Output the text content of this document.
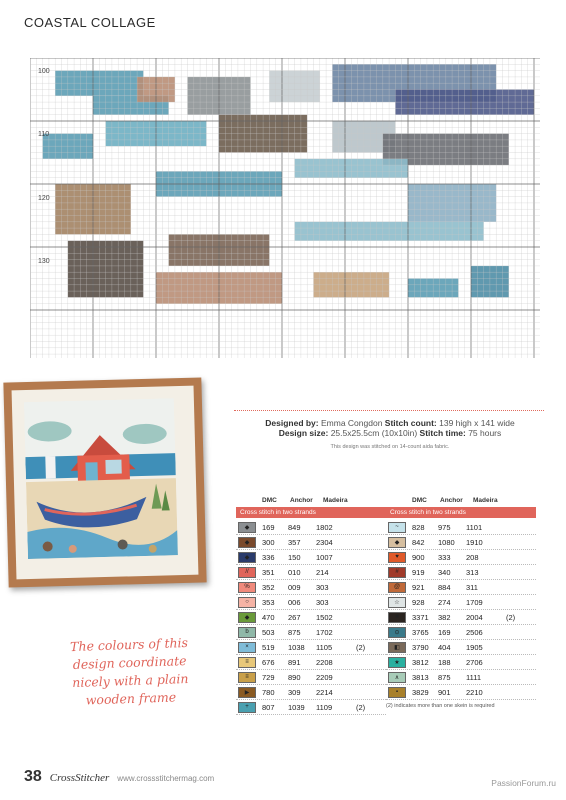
COASTAL COLLAGE
100
110
120
130
Designed by: Emma Congdon Stitch count: 139 high x 141 wide
Design size: 25.5x25.5cm (10x10in) Stitch time: 75 hours
This design was stitched on 14-count aida fabric.
DMC	Anchor	Madeira
Cross stitch in two strands
◆	169	849	1802
◆	300	357	2304
◆	336	150	1007
//	351	010	214
%	352	009	303
○	353	006	303
◆	470	267	1502
b	503	875	1702
×	519	1038	1105	(2)
≡	676	891	2208
≡	729	890	2209
▶	780	309	2214
+	807	1039	1109	(2)
DMC	Anchor	Madeira
Cross stitch in two strands
~	828	975	1101
◆	842	1080	1910
♥	900	333	208
#	919	340	313
@	921	884	311
☆	928	274	1709
■	3371	382	2004	(2)
⊙	3765	169	2506
◧	3790	404	1905
★	3812	188	2706
∧	3813	875	1111
▪	3829	901	2210
(2) indicates more than one skein is required
The colours of this design coordinate nicely with a plain wooden frame
38 CrossStitcher www.crossstitchermag.com	PassionForum.ru
